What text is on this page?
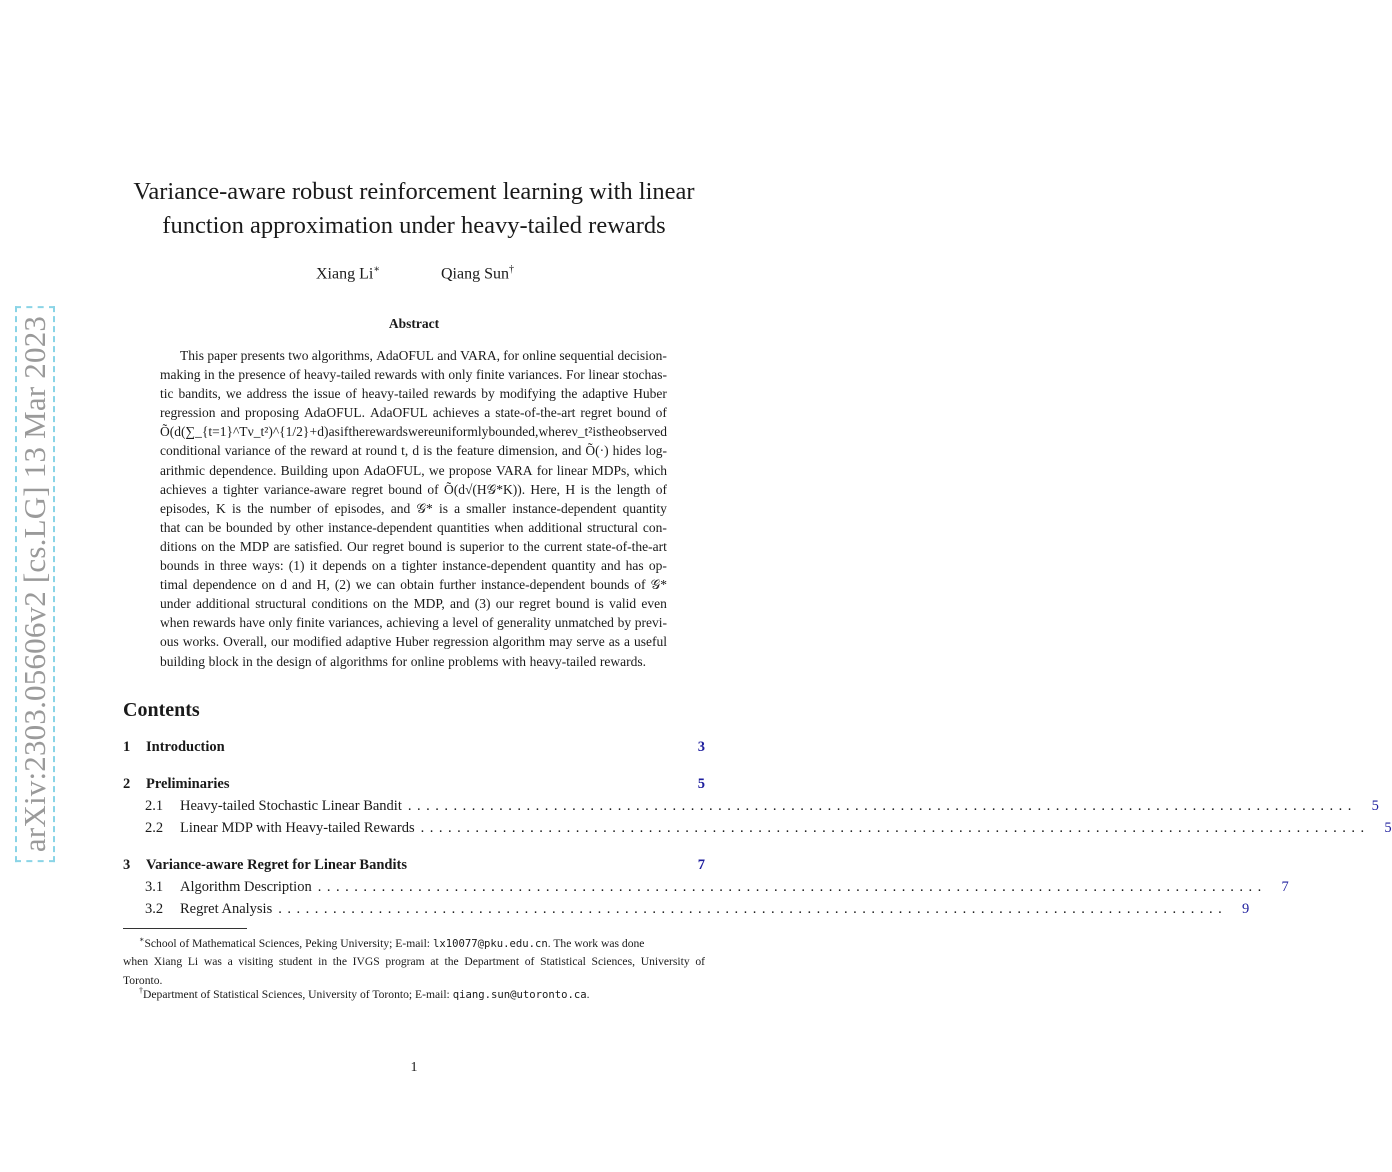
arXiv:2303.05606v2 [cs.LG] 13 Mar 2023
Variance-aware robust reinforcement learning with linear
function approximation under heavy-tailed rewards
Xiang Li∗	Qiang Sun†
Abstract
This paper presents two algorithms, AdaOFUL and VARA, for online sequential decision-
making in the presence of heavy-tailed rewards with only finite variances. For linear stochas-
tic bandits, we address the issue of heavy-tailed rewards by modifying the adaptive Huber
regression and proposing AdaOFUL. AdaOFUL achieves a state-of-the-art regret bound of
Õ(d(∑_{t=1}^T ν_t²)^{1/2} + d) as if the rewards were uniformly bounded, where ν_t² is the observed
conditional variance of the reward at round t, d is the feature dimension, and Õ(·) hides log-
arithmic dependence. Building upon AdaOFUL, we propose VARA for linear MDPs, which
achieves a tighter variance-aware regret bound of Õ(d√(H𝒢*K)). Here, H is the length of
episodes, K is the number of episodes, and 𝒢* is a smaller instance-dependent quantity
that can be bounded by other instance-dependent quantities when additional structural con-
ditions on the MDP are satisfied. Our regret bound is superior to the current state-of-the-art
bounds in three ways: (1) it depends on a tighter instance-dependent quantity and has op-
timal dependence on d and H, (2) we can obtain further instance-dependent bounds of 𝒢*
under additional structural conditions on the MDP, and (3) our regret bound is valid even
when rewards have only finite variances, achieving a level of generality unmatched by previ-
ous works. Overall, our modified adaptive Huber regression algorithm may serve as a useful
building block in the design of algorithms for online problems with heavy-tailed rewards.
Contents
1	Introduction	3
2	Preliminaries	5
2.1	Heavy-tailed Stochastic Linear Bandit ........................................................................................................	5
2.2	Linear MDP with Heavy-tailed Rewards ........................................................................................................	5
3	Variance-aware Regret for Linear Bandits	7
3.1	Algorithm Description ........................................................................................................	7
3.2	Regret Analysis ........................................................................................................	9
∗School of Mathematical Sciences, Peking University; E-mail: lx10077@pku.edu.cn. The work was done
when Xiang Li was a visiting student in the IVGS program at the Department of Statistical Sciences, University of
Toronto.
†Department of Statistical Sciences, University of Toronto; E-mail: qiang.sun@utoronto.ca.
1
